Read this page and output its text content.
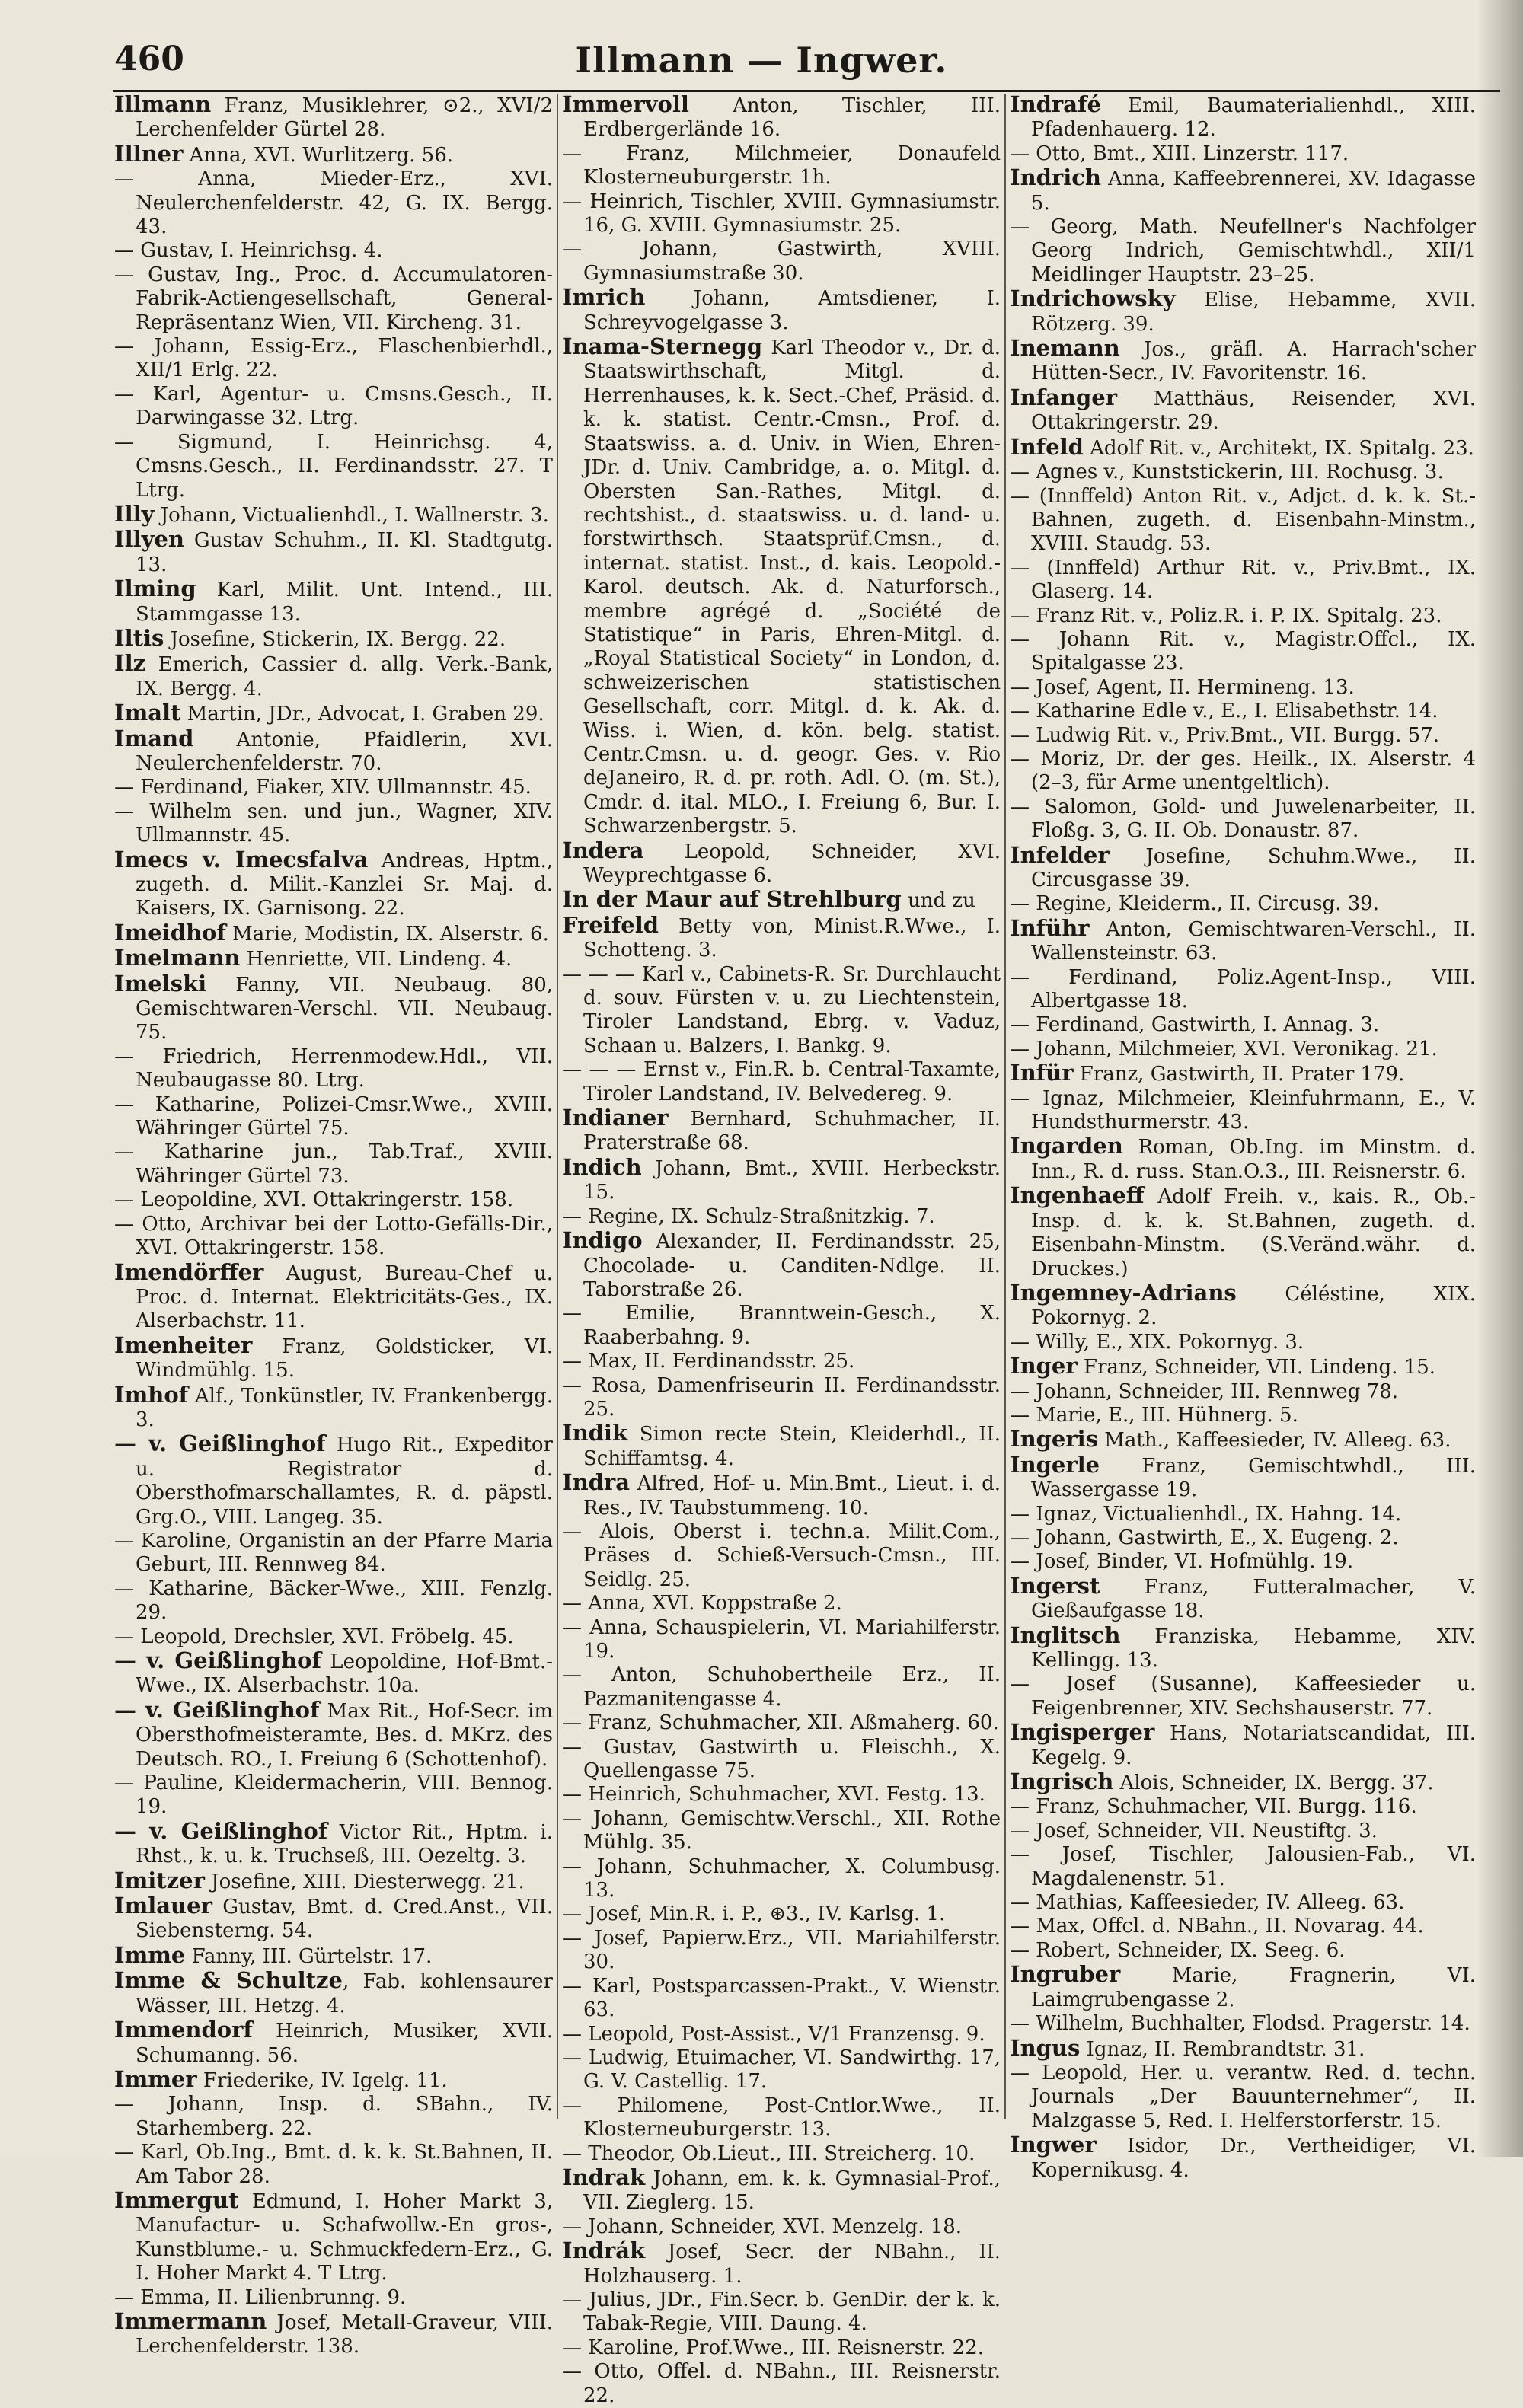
460	Illmann — Ingwer.

Illmann Franz, Musiklehrer, ⊙2., XVI/2 Lerchenfelder Gürtel 28.

Illner Anna, XVI. Wurlitzerg. 56.

— Anna, Mieder-Erz., XVI. Neulerchenfelderstr. 42, G. IX. Bergg. 43.

— Gustav, I. Heinrichsg. 4.

— Gustav, Ing., Proc. d. Accumulatoren-Fabrik-Actiengesellschaft, General-Repräsentanz Wien, VII. Kircheng. 31.

— Johann, Essig-Erz., Flaschenbierhdl., XII/1 Erlg. 22.

— Karl, Agentur- u. Cmsns.Gesch., II. Darwingasse 32. Ltrg.

— Sigmund, I. Heinrichsg. 4, Cmsns.Gesch., II. Ferdinandsstr. 27. T Ltrg.

Illy Johann, Victualienhdl., I. Wallnerstr. 3.

Illyen Gustav Schuhm., II. Kl. Stadtgutg. 13.

Ilming Karl, Milit. Unt. Intend., III. Stammgasse 13.

Iltis Josefine, Stickerin, IX. Bergg. 22.

Ilz Emerich, Cassier d. allg. Verk.-Bank, IX. Bergg. 4.

Imalt Martin, JDr., Advocat, I. Graben 29.

Imand Antonie, Pfaidlerin, XVI. Neulerchenfelderstr. 70.

— Ferdinand, Fiaker, XIV. Ullmannstr. 45.

— Wilhelm sen. und jun., Wagner, XIV. Ullmannstr. 45.

Imecs v. Imecsfalva Andreas, Hptm., zugeth. d. Milit.-Kanzlei Sr. Maj. d. Kaisers, IX. Garnisong. 22.

Imeidhof Marie, Modistin, IX. Alserstr. 6.

Imelmann Henriette, VII. Lindeng. 4.

Imelski Fanny, VII. Neubaug. 80, Gemischtwaren-Verschl. VII. Neubaug. 75.

— Friedrich, Herrenmodew.Hdl., VII. Neubaugasse 80. Ltrg.

— Katharine, Polizei-Cmsr.Wwe., XVIII. Währinger Gürtel 75.

— Katharine jun., Tab.Traf., XVIII. Währinger Gürtel 73.

— Leopoldine, XVI. Ottakringerstr. 158.

— Otto, Archivar bei der Lotto-Gefälls-Dir., XVI. Ottakringerstr. 158.

Imendörffer August, Bureau-Chef u. Proc. d. Internat. Elektricitäts-Ges., IX. Alserbachstr. 11.

Imenheiter Franz, Goldsticker, VI. Windmühlg. 15.

Imhof Alf., Tonkünstler, IV. Frankenbergg. 3.

— v. Geißlinghof Hugo Rit., Expeditor u. Registrator d. Obersthofmarschallamtes, R. d. päpstl. Grg.O., VIII. Langeg. 35.

— Karoline, Organistin an der Pfarre Maria Geburt, III. Rennweg 84.

— Katharine, Bäcker-Wwe., XIII. Fenzlg. 29.

— Leopold, Drechsler, XVI. Fröbelg. 45.

— v. Geißlinghof Leopoldine, Hof-Bmt.-Wwe., IX. Alserbachstr. 10a.

— v. Geißlinghof Max Rit., Hof-Secr. im Obersthofmeisteramte, Bes. d. MKrz. des Deutsch. RO., I. Freiung 6 (Schottenhof).

— Pauline, Kleidermacherin, VIII. Bennog. 19.

— v. Geißlinghof Victor Rit., Hptm. i. Rhst., k. u. k. Truchseß, III. Oezeltg. 3.

Imitzer Josefine, XIII. Diesterwegg. 21.

Imlauer Gustav, Bmt. d. Cred.Anst., VII. Siebensterng. 54.

Imme Fanny, III. Gürtelstr. 17.

Imme & Schultze, Fab. kohlensaurer Wässer, III. Hetzg. 4.

Immendorf Heinrich, Musiker, XVII. Schumanng. 56.

Immer Friederike, IV. Igelg. 11.

— Johann, Insp. d. SBahn., IV. Starhemberg. 22.

— Karl, Ob.Ing., Bmt. d. k. k. St.Bahnen, II. Am Tabor 28.

Immergut Edmund, I. Hoher Markt 3, Manufactur- u. Schafwollw.-En gros-, Kunstblume.- u. Schmuckfedern-Erz., G. I. Hoher Markt 4. T Ltrg.

— Emma, II. Lilienbrunng. 9.

Immermann Josef, Metall-Graveur, VIII. Lerchenfelderstr. 138.

Immervoll Anton, Tischler, III. Erdbergerlände 16.

— Franz, Milchmeier, Donaufeld Klosterneuburgerstr. 1h.

— Heinrich, Tischler, XVIII. Gymnasiumstr. 16, G. XVIII. Gymnasiumstr. 25.

— Johann, Gastwirth, XVIII. Gymnasiumstraße 30.

Imrich Johann, Amtsdiener, I. Schreyvogelgasse 3.

Inama-Sternegg Karl Theodor v., Dr. d. Staatswirthschaft, Mitgl. d. Herrenhauses, k. k. Sect.-Chef, Präsid. d. k. k. statist. Centr.-Cmsn., Prof. d. Staatswiss. a. d. Univ. in Wien, Ehren-JDr. d. Univ. Cambridge, a. o. Mitgl. d. Obersten San.-Rathes, Mitgl. d. rechtshist., d. staatswiss. u. d. land- u. forstwirthsch. Staatsprüf.Cmsn., d. internat. statist. Inst., d. kais. Leopold.-Karol. deutsch. Ak. d. Naturforsch., membre agrégé d. „Société de Statistique“ in Paris, Ehren-Mitgl. d. „Royal Statistical Society“ in London, d. schweizerischen statistischen Gesellschaft, corr. Mitgl. d. k. Ak. d. Wiss. i. Wien, d. kön. belg. statist. Centr.Cmsn. u. d. geogr. Ges. v. Rio deJaneiro, R. d. pr. roth. Adl. O. (m. St.), Cmdr. d. ital. MLO., I. Freiung 6, Bur. I. Schwarzenbergstr. 5.

Indera Leopold, Schneider, XVI. Weyprechtgasse 6.

In der Maur auf Strehlburg und zu

Freifeld Betty von, Minist.R.Wwe., I. Schotteng. 3.

— — — Karl v., Cabinets-R. Sr. Durchlaucht d. souv. Fürsten v. u. zu Liechtenstein, Tiroler Landstand, Ebrg. v. Vaduz, Schaan u. Balzers, I. Bankg. 9.

— — — Ernst v., Fin.R. b. Central-Taxamte, Tiroler Landstand, IV. Belvedereg. 9.

Indianer Bernhard, Schuhmacher, II. Praterstraße 68.

Indich Johann, Bmt., XVIII. Herbeckstr. 15.

— Regine, IX. Schulz-Straßnitzkig. 7.

Indigo Alexander, II. Ferdinandsstr. 25, Chocolade- u. Canditen-Ndlge. II. Taborstraße 26.

— Emilie, Branntwein-Gesch., X. Raaberbahng. 9.

— Max, II. Ferdinandsstr. 25.

— Rosa, Damenfriseurin II. Ferdinandsstr. 25.

Indik Simon recte Stein, Kleiderhdl., II. Schiffamtsg. 4.

Indra Alfred, Hof- u. Min.Bmt., Lieut. i. d. Res., IV. Taubstummeng. 10.

— Alois, Oberst i. techn.a. Milit.Com., Präses d. Schieß-Versuch-Cmsn., III. Seidlg. 25.

— Anna, XVI. Koppstraße 2.

— Anna, Schauspielerin, VI. Mariahilferstr. 19.

— Anton, Schuhobertheile Erz., II. Pazmanitengasse 4.

— Franz, Schuhmacher, XII. Aßmaherg. 60.

— Gustav, Gastwirth u. Fleischh., X. Quellengasse 75.

— Heinrich, Schuhmacher, XVI. Festg. 13.

— Johann, Gemischtw.Verschl., XII. Rothe Mühlg. 35.

— Johann, Schuhmacher, X. Columbusg. 13.

— Josef, Min.R. i. P., ⊛3., IV. Karlsg. 1.

— Josef, Papierw.Erz., VII. Mariahilferstr. 30.

— Karl, Postsparcassen-Prakt., V. Wienstr. 63.

— Leopold, Post-Assist., V/1 Franzensg. 9.

— Ludwig, Etuimacher, VI. Sandwirthg. 17, G. V. Castellig. 17.

— Philomene, Post-Cntlor.Wwe., II. Klosterneuburgerstr. 13.

— Theodor, Ob.Lieut., III. Streicherg. 10.

Indrak Johann, em. k. k. Gymnasial-Prof., VII. Zieglerg. 15.

— Johann, Schneider, XVI. Menzelg. 18.

Indrák Josef, Secr. der NBahn., II. Holzhauserg. 1.

— Julius, JDr., Fin.Secr. b. GenDir. der k. k. Tabak-Regie, VIII. Daung. 4.

— Karoline, Prof.Wwe., III. Reisnerstr. 22.

— Otto, Offel. d. NBahn., III. Reisnerstr. 22.

Indrafé Emil, Baumaterialienhdl., XIII. Pfadenhauerg. 12.

— Otto, Bmt., XIII. Linzerstr. 117.

Indrich Anna, Kaffeebrennerei, XV. Idagasse 5.

— Georg, Math. Neufellner's Nachfolger Georg Indrich, Gemischtwhdl., XII/1 Meidlinger Hauptstr. 23–25.

Indrichowsky Elise, Hebamme, XVII. Rötzerg. 39.

Inemann Jos., gräfl. A. Harrach'scher Hütten-Secr., IV. Favoritenstr. 16.

Infanger Matthäus, Reisender, XVI. Ottakringerstr. 29.

Infeld Adolf Rit. v., Architekt, IX. Spitalg. 23.

— Agnes v., Kunststickerin, III. Rochusg. 3.

— (Innffeld) Anton Rit. v., Adjct. d. k. k. St.-Bahnen, zugeth. d. Eisenbahn-Minstm., XVIII. Staudg. 53.

— (Innffeld) Arthur Rit. v., Priv.Bmt., IX. Glaserg. 14.

— Franz Rit. v., Poliz.R. i. P. IX. Spitalg. 23.

— Johann Rit. v., Magistr.Offcl., IX. Spitalgasse 23.

— Josef, Agent, II. Hermineng. 13.

— Katharine Edle v., E., I. Elisabethstr. 14.

— Ludwig Rit. v., Priv.Bmt., VII. Burgg. 57.

— Moriz, Dr. der ges. Heilk., IX. Alserstr. 4 (2–3, für Arme unentgeltlich).

— Salomon, Gold- und Juwelenarbeiter, II. Floßg. 3, G. II. Ob. Donaustr. 87.

Infelder Josefine, Schuhm.Wwe., II. Circusgasse 39.

— Regine, Kleiderm., II. Circusg. 39.

Inführ Anton, Gemischtwaren-Verschl., II. Wallensteinstr. 63.

— Ferdinand, Poliz.Agent-Insp., VIII. Albertgasse 18.

— Ferdinand, Gastwirth, I. Annag. 3.

— Johann, Milchmeier, XVI. Veronikag. 21.

Infür Franz, Gastwirth, II. Prater 179.

— Ignaz, Milchmeier, Kleinfuhrmann, E., V. Hundsthurmerstr. 43.

Ingarden Roman, Ob.Ing. im Minstm. d. Inn., R. d. russ. Stan.O.3., III. Reisnerstr. 6.

Ingenhaeff Adolf Freih. v., kais. R., Ob.-Insp. d. k. k. St.Bahnen, zugeth. d. Eisenbahn-Minstm. (S.Veränd.währ. d. Druckes.)

Ingemney-Adrians Céléstine, XIX. Pokornyg. 2.

— Willy, E., XIX. Pokornyg. 3.

Inger Franz, Schneider, VII. Lindeng. 15.

— Johann, Schneider, III. Rennweg 78.

— Marie, E., III. Hühnerg. 5.

Ingeris Math., Kaffeesieder, IV. Alleeg. 63.

Ingerle Franz, Gemischtwhdl., III. Wassergasse 19.

— Ignaz, Victualienhdl., IX. Hahng. 14.

— Johann, Gastwirth, E., X. Eugeng. 2.

— Josef, Binder, VI. Hofmühlg. 19.

Ingerst Franz, Futteralmacher, V. Gießaufgasse 18.

Inglitsch Franziska, Hebamme, XIV. Kellingg. 13.

— Josef (Susanne), Kaffeesieder u. Feigenbrenner, XIV. Sechshauserstr. 77.

Ingisperger Hans, Notariatscandidat, III. Kegelg. 9.

Ingrisch Alois, Schneider, IX. Bergg. 37.

— Franz, Schuhmacher, VII. Burgg. 116.

— Josef, Schneider, VII. Neustiftg. 3.

— Josef, Tischler, Jalousien-Fab., VI. Magdalenenstr. 51.

— Mathias, Kaffeesieder, IV. Alleeg. 63.

— Max, Offcl. d. NBahn., II. Novarag. 44.

— Robert, Schneider, IX. Seeg. 6.

Ingruber Marie, Fragnerin, VI. Laimgrubengasse 2.

— Wilhelm, Buchhalter, Flodsd. Pragerstr. 14.

Ingus Ignaz, II. Rembrandtstr. 31.

— Leopold, Her. u. verantw. Red. d. techn. Journals „Der Bauunternehmer“, II. Malzgasse 5, Red. I. Helferstorferstr. 15.

Ingwer Isidor, Dr., Vertheidiger, VI. Kopernikusg. 4.
